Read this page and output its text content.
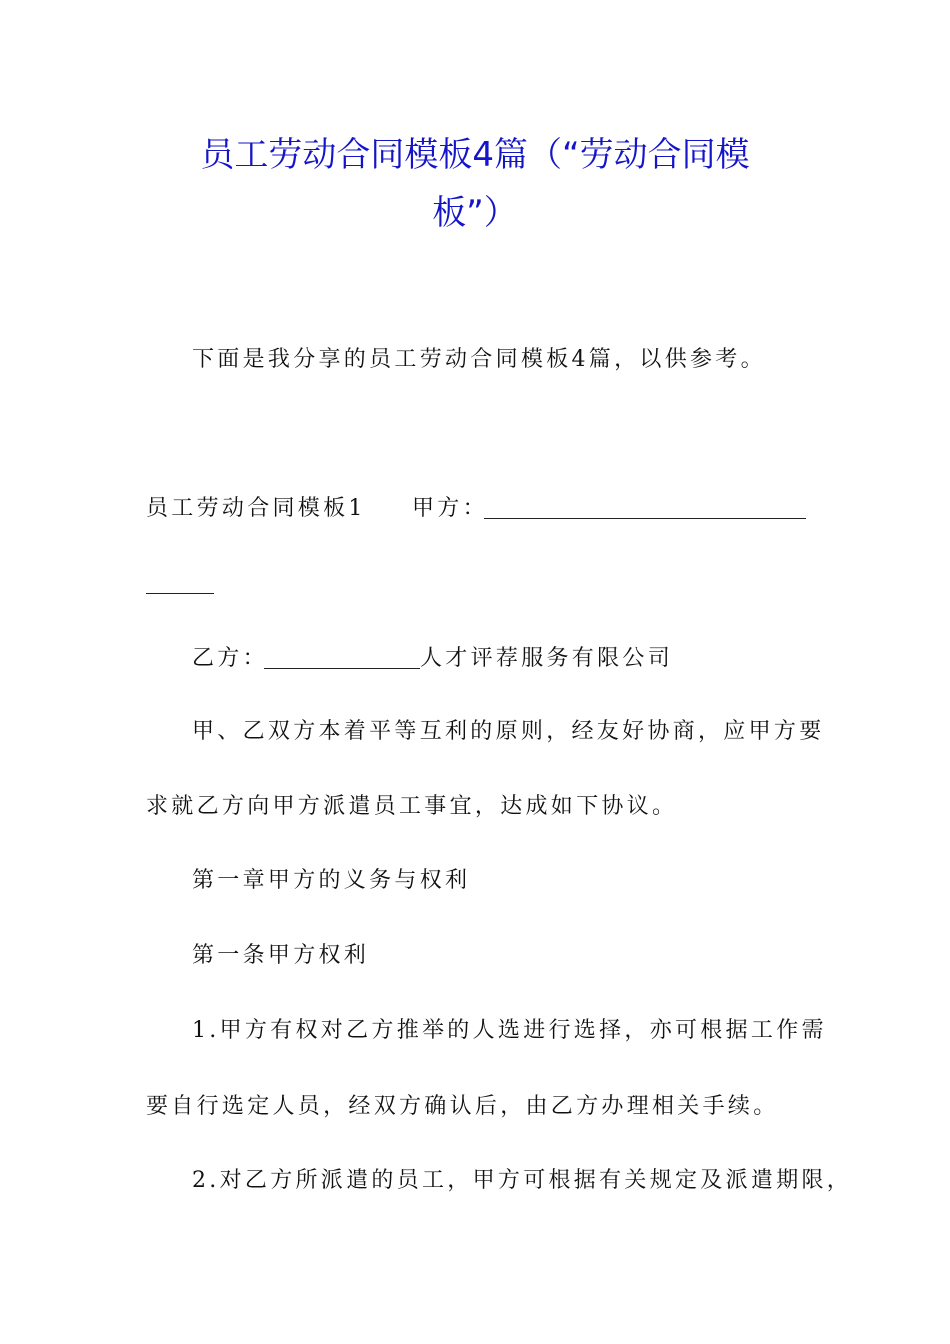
员工劳动合同模板4篇（“劳动合同模
板”）
下面是我分享的员工劳动合同模板4篇，以供参考。
员工劳动合同模板1 甲方：
乙方：	人才评荐服务有限公司
甲、乙双方本着平等互利的原则，经友好协商，应甲方要
求就乙方向甲方派遣员工事宜，达成如下协议。
第一章甲方的义务与权利
第一条甲方权利
1.甲方有权对乙方推举的人选进行选择，亦可根据工作需
要自行选定人员，经双方确认后，由乙方办理相关手续。
2.对乙方所派遣的员工，甲方可根据有关规定及派遣期限，
